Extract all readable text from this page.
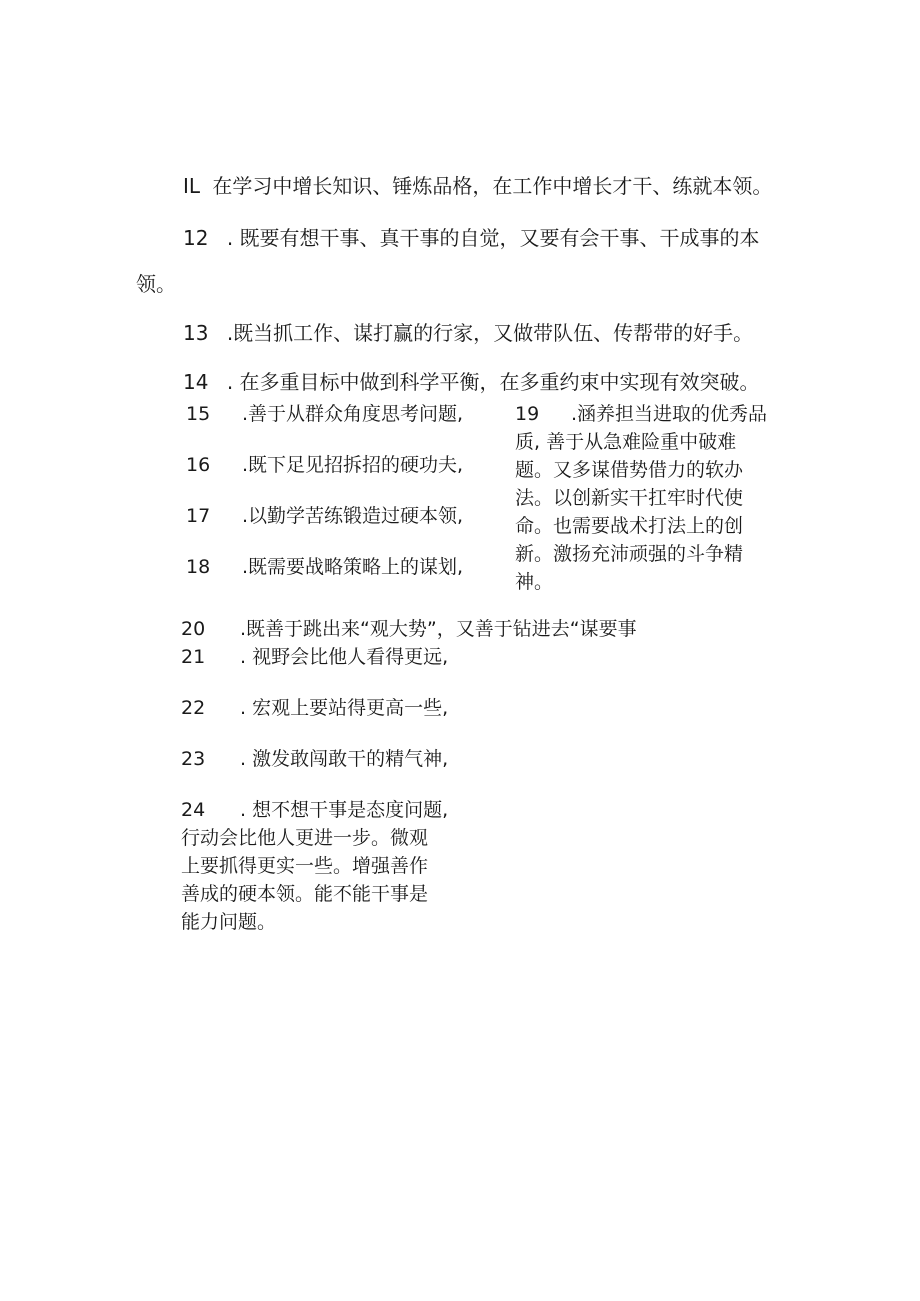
IL 在学习中增长知识、锤炼品格，在工作中增长才干、练就本领。
12 . 既要有想干事、真干事的自觉，又要有会干事、干成事的本
领。
13 .既当抓工作、谋打赢的行家，又做带队伍、传帮带的好手。
14 . 在多重目标中做到科学平衡，在多重约束中实现有效突破。
15 .善于从群众角度思考问题,
16 .既下足见招拆招的硬功夫,
17 .以勤学苦练锻造过硬本领,
18 .既需要战略策略上的谋划,
19 .涵养担当进取的优秀品
质, 善于从急难险重中破难
题。又多谋借势借力的软办
法。以创新实干扛牢时代使
命。也需要战术打法上的创
新。激扬充沛顽强的斗争精
神。
20 .既善于跳出来“观大势”，又善于钻进去“谋要事
21 . 视野会比他人看得更远,
22 . 宏观上要站得更高一些,
23 . 激发敢闯敢干的精气神,
24 . 想不想干事是态度问题,
行动会比他人更进一步。微观
上要抓得更实一些。增强善作
善成的硬本领。能不能干事是
能力问题。
